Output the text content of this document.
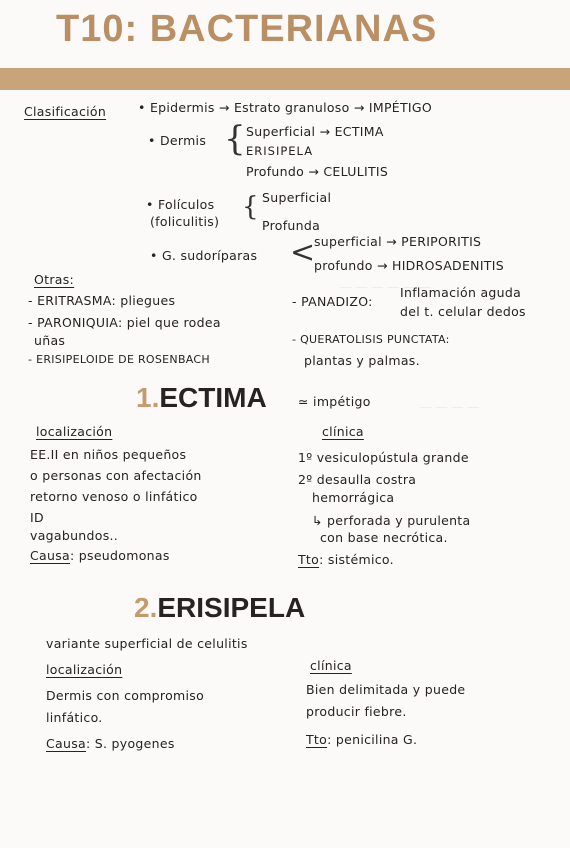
T10: BACTERIANAS
— — — — — —
— — — —
Clasificación	• Epidermis → Estrato granuloso → IMPÉTIGO
• Dermis { Superficial → ECTIMA
ERISIPELA
Profundo → CELULITIS
• Folículos
(foliculitis) { Superficial
Profunda
• G. sudoríparas <
superficial → PERIPORITIS
profundo → HIDROSADENITIS
Otras:
- ERITRASMA: pliegues
- PARONIQUIA: piel que rodea
uñas
- ERISIPELOIDE DE ROSENBACH
- PANADIZO:
Inflamación aguda
del t. celular dedos
- QUERATOLISIS PUNCTATA:
plantas y palmas.
1.ECTIMA	≃ impétigo
localización
EE.II en niños pequeños
o personas con afectación
retorno venoso o linfático
ID
vagabundos..
Causa: pseudomonas
clínica
1º vesiculopústula grande
2º desaulla costra
hemorrágica
↳ perforada y purulenta
con base necrótica.
Tto: sistémico.
2.ERISIPELA
variante superficial de celulitis
localización
Dermis con compromiso
linfático.
Causa: S. pyogenes
clínica
Bien delimitada y puede
producir fiebre.
Tto: penicilina G.
